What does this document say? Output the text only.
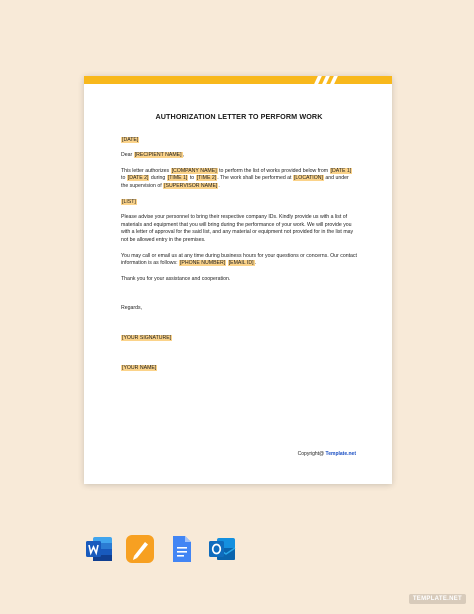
AUTHORIZATION LETTER TO PERFORM WORK

[DATE]

Dear [RECIPIENT NAME],

This letter authorizes [COMPANY NAME] to perform the list of works provided below from [DATE 1] to [DATE 2] during [TIME 1] to [TIME 2]. The work shall be performed at [LOCATION] and under the supervision of [SUPERVISOR NAME].

[LIST]

Please advise your personnel to bring their respective company IDs. Kindly provide us with a list of materials and equipment that you will bring during the performance of your work. We will provide you with a letter of approval for the said list, and any material or equipment not provided for in the list may not be allowed entry in the premises.

You may call or email us at any time during business hours for your questions or concerns. Our contact information is as follows: [PHONE NUMBER] [EMAIL ID].

Thank you for your assistance and cooperation.

Regards,

[YOUR SIGNATURE]

[YOUR NAME]

Copyright@ Template.net
TEMPLATE.NET
